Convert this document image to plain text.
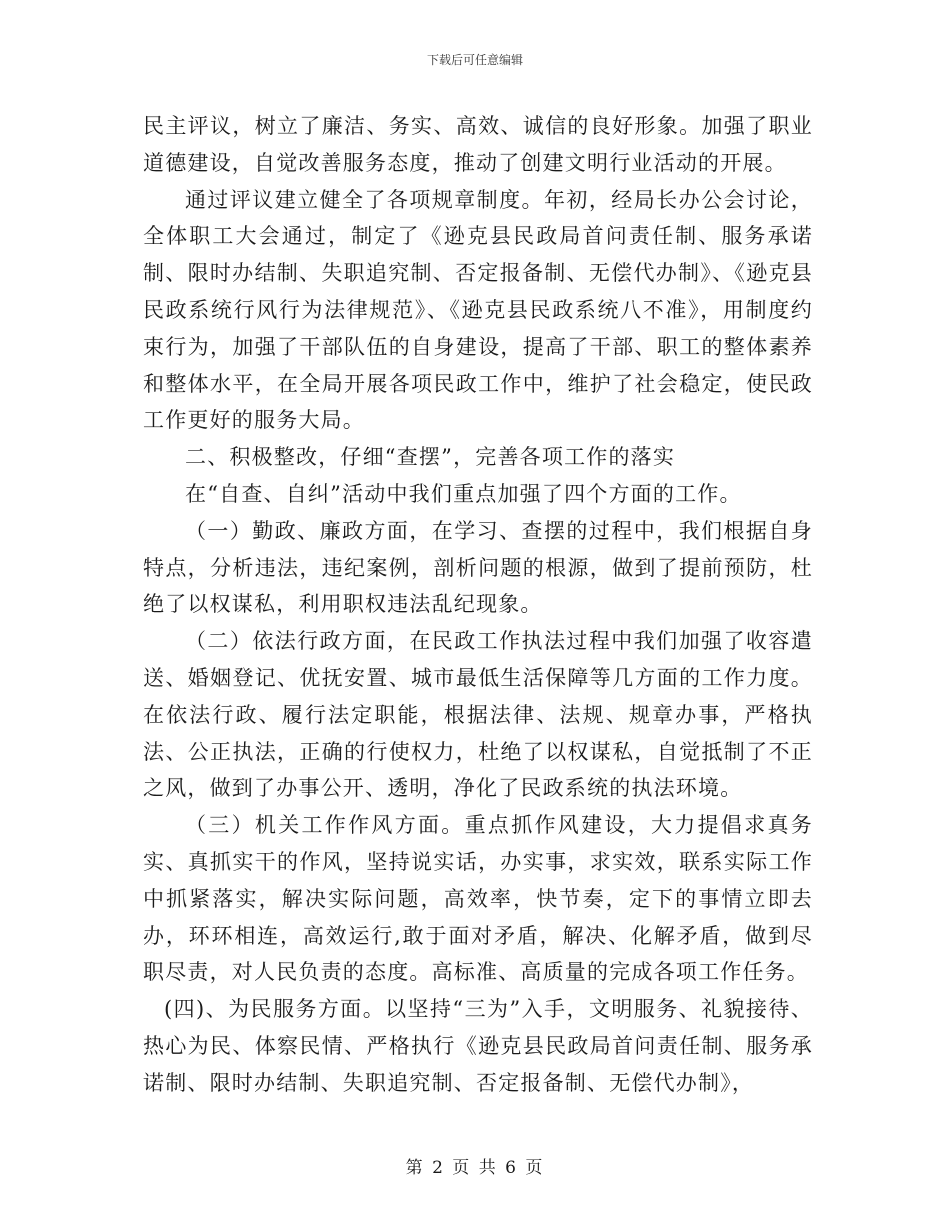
下载后可任意编辑

民主评议，树立了廉洁、务实、高效、诚信的良好形象。加强了职业道德建设，自觉改善服务态度，推动了创建文明行业活动的开展。

通过评议建立健全了各项规章制度。年初，经局长办公会讨论，全体职工大会通过，制定了《逊克县民政局首问责任制、服务承诺制、限时办结制、失职追究制、否定报备制、无偿代办制》、《逊克县民政系统行风行为法律规范》、《逊克县民政系统八不准》，用制度约束行为，加强了干部队伍的自身建设，提高了干部、职工的整体素养和整体水平，在全局开展各项民政工作中，维护了社会稳定，使民政工作更好的服务大局。

二、积极整改，仔细“查摆”，完善各项工作的落实

在“自查、自纠”活动中我们重点加强了四个方面的工作。

（一）勤政、廉政方面，在学习、查摆的过程中，我们根据自身特点，分析违法，违纪案例，剖析问题的根源，做到了提前预防，杜绝了以权谋私，利用职权违法乱纪现象。

（二）依法行政方面，在民政工作执法过程中我们加强了收容遣送、婚姻登记、优抚安置、城市最低生活保障等几方面的工作力度。在依法行政、履行法定职能，根据法律、法规、规章办事，严格执法、公正执法，正确的行使权力，杜绝了以权谋私，自觉抵制了不正之风，做到了办事公开、透明，净化了民政系统的执法环境。

（三）机关工作作风方面。重点抓作风建设，大力提倡求真务实、真抓实干的作风，坚持说实话，办实事，求实效，联系实际工作中抓紧落实，解决实际问题，高效率，快节奏，定下的事情立即去办，环环相连，高效运行,敢于面对矛盾，解决、化解矛盾，做到尽职尽责，对人民负责的态度。高标准、高质量的完成各项工作任务。

(四)、为民服务方面。以坚持“三为”入手，文明服务、礼貌接待、热心为民、体察民情、严格执行《逊克县民政局首问责任制、服务承诺制、限时办结制、失职追究制、否定报备制、无偿代办制》，

第 2 页 共 6 页
